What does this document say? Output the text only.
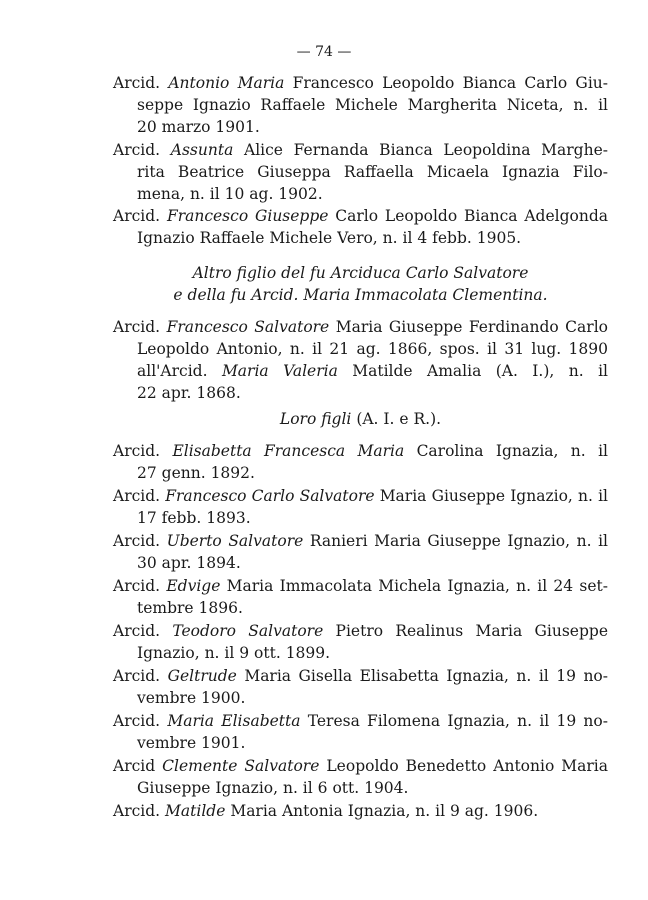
— 74 —
Arcid. Antonio Maria Francesco Leopoldo Bianca Carlo Giu-
seppe Ignazio Raffaele Michele Margherita Niceta, n. il
20 marzo 1901.
Arcid. Assunta Alice Fernanda Bianca Leopoldina Marghe-
rita Beatrice Giuseppa Raffaella Micaela Ignazia Filo-
mena, n. il 10 ag. 1902.
Arcid. Francesco Giuseppe Carlo Leopoldo Bianca Adelgonda
Ignazio Raffaele Michele Vero, n. il 4 febb. 1905.
Altro figlio del fu Arciduca Carlo Salvatore
e della fu Arcid. Maria Immacolata Clementina.
Arcid. Francesco Salvatore Maria Giuseppe Ferdinando Carlo
Leopoldo Antonio, n. il 21 ag. 1866, spos. il 31 lug. 1890
all'Arcid. Maria Valeria Matilde Amalia (A. I.), n. il
22 apr. 1868.
Loro figli (A. I. e R.).
Arcid. Elisabetta Francesca Maria Carolina Ignazia, n. il
27 genn. 1892.
Arcid. Francesco Carlo Salvatore Maria Giuseppe Ignazio, n. il
17 febb. 1893.
Arcid. Uberto Salvatore Ranieri Maria Giuseppe Ignazio, n. il
30 apr. 1894.
Arcid. Edvige Maria Immacolata Michela Ignazia, n. il 24 set-
tembre 1896.
Arcid. Teodoro Salvatore Pietro Realinus Maria Giuseppe
Ignazio, n. il 9 ott. 1899.
Arcid. Geltrude Maria Gisella Elisabetta Ignazia, n. il 19 no-
vembre 1900.
Arcid. Maria Elisabetta Teresa Filomena Ignazia, n. il 19 no-
vembre 1901.
Arcid Clemente Salvatore Leopoldo Benedetto Antonio Maria
Giuseppe Ignazio, n. il 6 ott. 1904.
Arcid. Matilde Maria Antonia Ignazia, n. il 9 ag. 1906.
